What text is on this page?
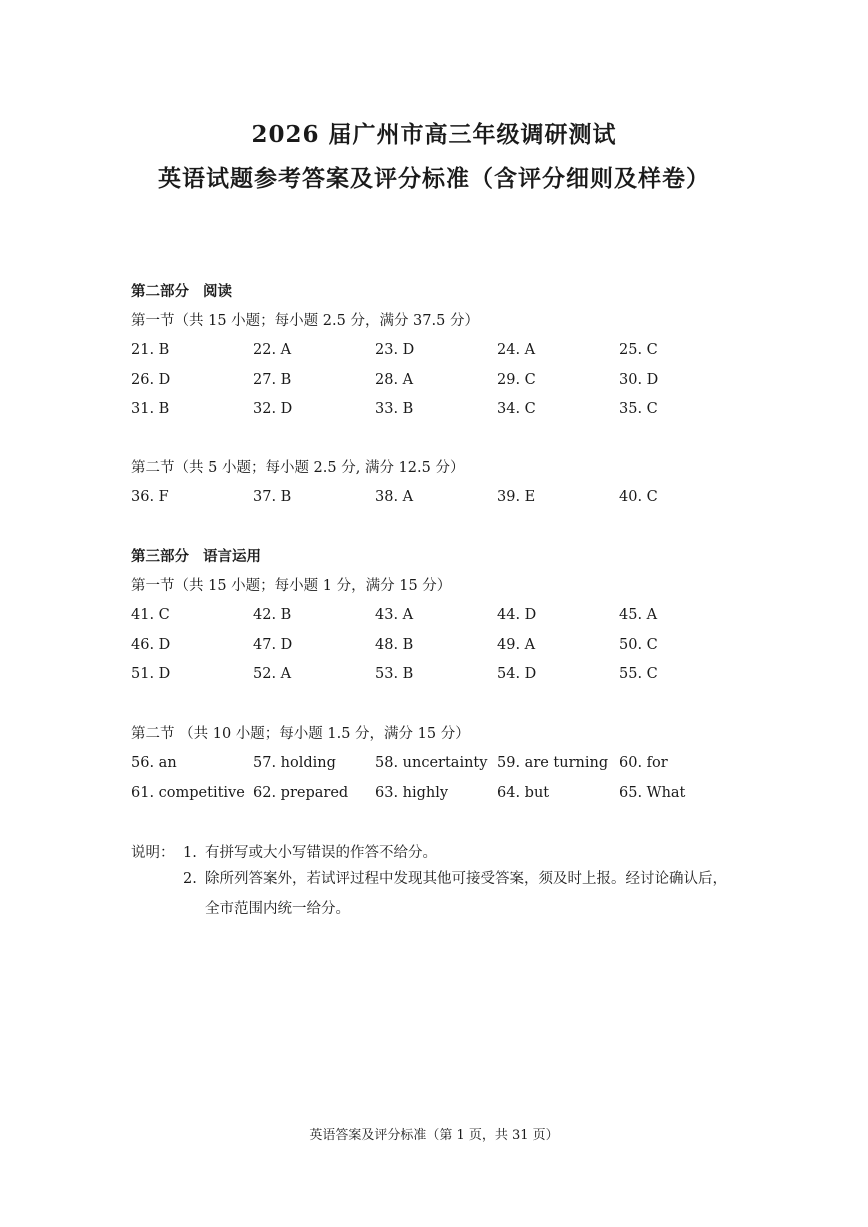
2026 届广州市高三年级调研测试
英语试题参考答案及评分标准（含评分细则及样卷）
第二部分 阅读
第一节（共 15 小题；每小题 2.5 分，满分 37.5 分）
21. B	22. A	23. D	24. A	25. C
26. D	27. B	28. A	29. C	30. D
31. B	32. D	33. B	34. C	35. C
第二节（共 5 小题；每小题 2.5 分, 满分 12.5 分）
36. F	37. B	38. A	39. E	40. C
第三部分 语言运用
第一节（共 15 小题；每小题 1 分，满分 15 分）
41. C	42. B	43. A	44. D	45. A
46. D	47. D	48. B	49. A	50. C
51. D	52. A	53. B	54. D	55. C
第二节 （共 10 小题；每小题 1.5 分，满分 15 分）
56. an	57. holding	58. uncertainty 59. are turning 60. for
61. competitive 62. prepared	63. highly	64. but	65. What
说明： 1. 有拼写或大小写错误的作答不给分。
2. 除所列答案外，若试评过程中发现其他可接受答案，须及时上报。经讨论确认后，
全市范围内统一给分。
英语答案及评分标准（第 1 页，共 31 页）
